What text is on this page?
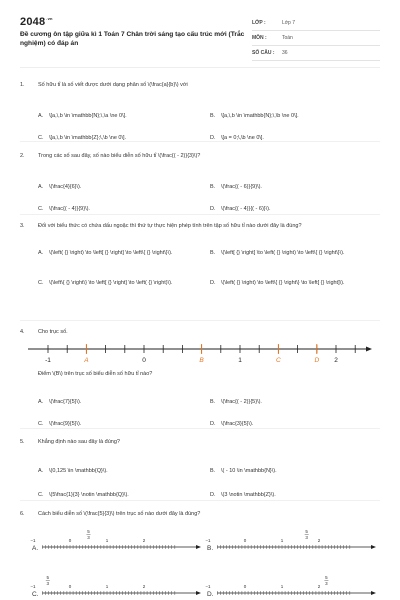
$2048^{.vn}$
Đề cương ôn tập giữa kì 1 Toán 7 Chân trời sáng tạo cấu trúc mới (Trắc nghiệm) có đáp án
LỚP :	Lớp 7
MÔN :	Toán
SỐ CÂU :	36
1.	Số hữu tỉ là số viết được dưới dạng phân số \(\frac{a}{b}\) với
A.	\[a,\,b \in \mathbb{N};\,\a \ne 0\].	B.	\[a,\,b \in \mathbb{N};\,\b \ne 0\].
C.	\[a,\,b \in \mathbb{Z};\,\b \ne 0\].	D.	\[a = 0;\,\b \ne 0\].
2.	Trong các số sau đây, số nào biểu diễn số hữu tỉ \(\frac{( - 2)}{3}\)?
A.	\(\frac{4}{6}\).	B.	\(\frac{( - 6)}{9}\).
C.	\(\frac{( - 4)}{9}\).	D.	\(\frac{( - 4)}{( - 6)}\).
3.	Đối với biểu thức có chứa dấu ngoặc thì thứ tự thực hiện phép tính trên tập số hữu tỉ nào dưới đây là đúng?
A.	\(\left( {} \right) \to \left[ {} \right] \to \left\{ {} \right\}\).	B.	\(\left[ {} \right] \to \left( {} \right) \to \left\{ {} \right\}\).
C.	\(\left\{ {} \right\} \to \left[ {} \right] \to \left( {} \right)\).	D.	\(\left( {} \right) \to \left\{ {} \right\} \to \left[ {} \right]\).
4.	Cho trục số.
-1	0	1	2
A	B	C	D
Điểm \(B\) trên trục số biểu diễn số hữu tỉ nào?
A.	\(\frac{7}{5}\).	B.	\(\frac{( - 2)}{5}\).
C.	\(\frac{9}{5}\).	D.	\(\frac{3}{5}\).
5.	Khẳng định nào sau đây là đúng?
A.	\(0,125 \in \mathbb{Q}\).	B.	\( - 10 \in \mathbb{N}\).
C.	\(5\frac{1}{3} \notin \mathbb{Q}\).	D.	\(3 \notin \mathbb{Z}\).
6.	Cách biểu diễn số \(\frac{5}{3}\) trên trục số nào dưới đây là đúng?
A.
−1	0	1	2
5
3
B.
−1	0	1	2
5
3
C.
−1	0	1	2
5
3
D.
−1	0	1	2
5
3
